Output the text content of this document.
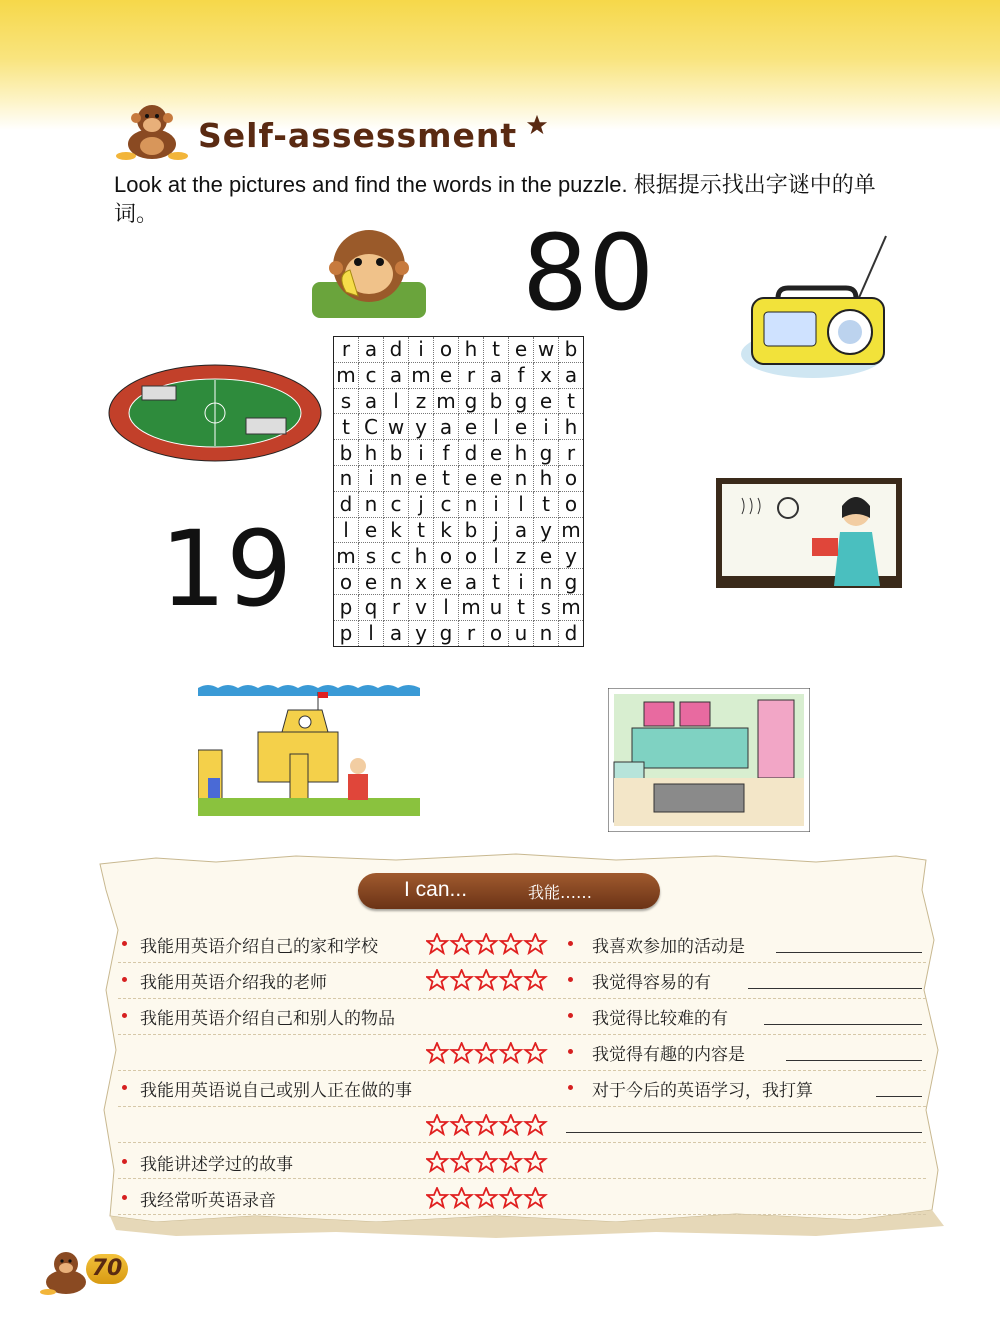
Self-assessment
Look at the pictures and find the words in the puzzle. 根据提示找出字谜中的单词。	80
19
r	a	d	i	o	h	t	e	w	b
m	c	a	m	e	r	a	f	x	a
s	a	l	z	m	g	b	g	e	t
t	C	w	y	a	e	l	e	i	h
b	h	b	i	f	d	e	h	g	r
n	i	n	e	t	e	e	n	h	o
d	n	c	j	c	n	i	l	t	o
l	e	k	t	k	b	j	a	y	m
m	s	c	h	o	o	l	z	e	y
o	e	n	x	e	a	t	i	n	g
p	q	r	v	l	m	u	t	s	m
p	l	a	y	g	r	o	u	n	d
I can...	我能……
我能用英语介绍自己的家和学校
我能用英语介绍我的老师
我能用英语介绍自己和别人的物品
我能用英语说自己或别人正在做的事
我能讲述学过的故事
我经常听英语录音
我喜欢参加的活动是
我觉得容易的有
我觉得比较难的有
我觉得有趣的内容是
对于今后的英语学习，我打算
70
